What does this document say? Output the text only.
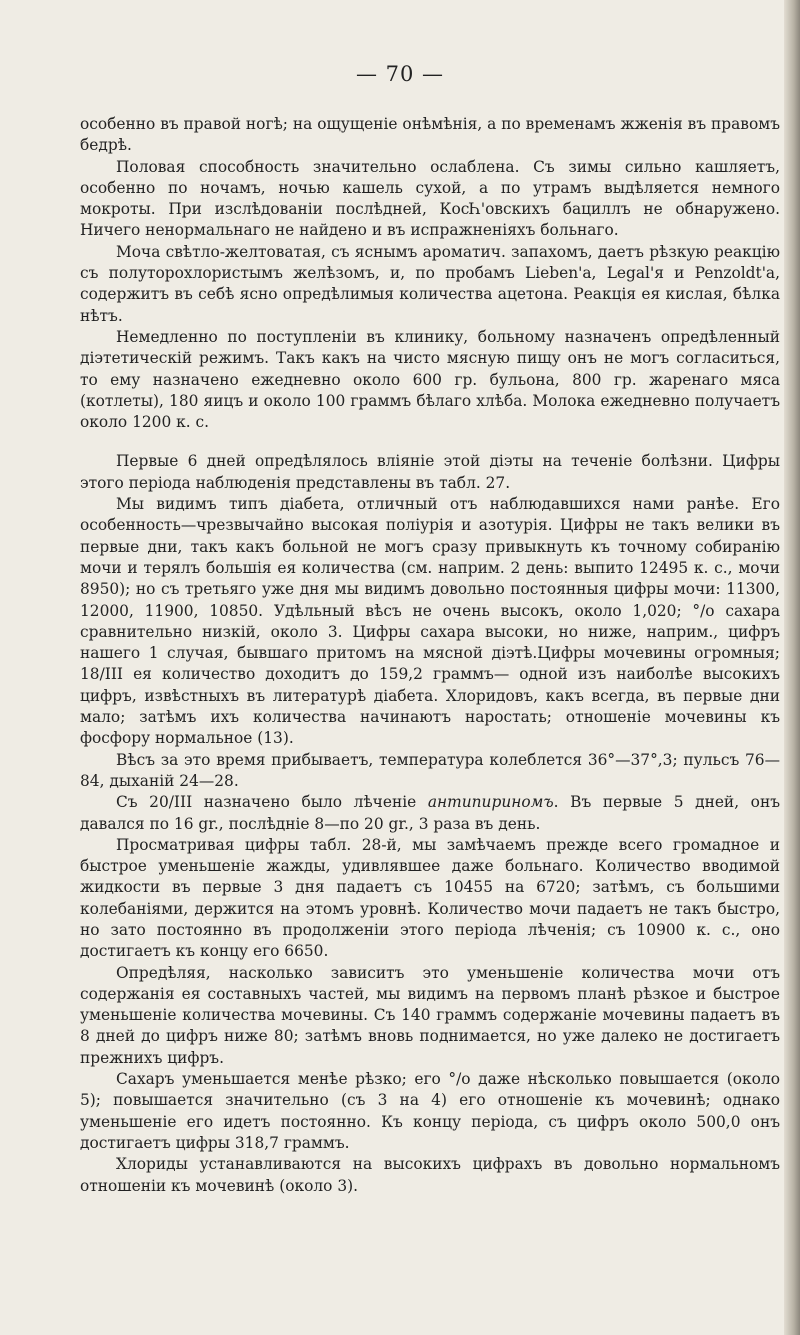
— 70 —

особенно въ правой ногѣ; на ощущеніе онѣмѣнія, а по временамъ жженія въ правомъ бедрѣ.

Половая способность значительно ослаблена. Съ зимы сильно кашляетъ, особенно по ночамъ, ночью кашель сухой, а по утрамъ выдѣляется немного мокроты. При изслѣдованіи послѣдней, КосҺ'овскихъ бациллъ не обнаружено. Ничего ненормальнаго не найдено и въ испражненіяхъ больнаго.

Моча свѣтло-желтоватая, съ яснымъ ароматич. запахомъ, даетъ рѣзкую реакцію съ полуторохлористымъ желѣзомъ, и, по пробамъ Lieben'а, Legal'я и Penzoldt'а, содержитъ въ себѣ ясно опредѣлимыя количества ацетона. Реакція ея кислая, бѣлка нѣтъ.

Немедленно по поступленіи въ клинику, больному назначенъ опредѣленный діэтетическій режимъ. Такъ какъ на чисто мясную пищу онъ не могъ согласиться, то ему назначено ежедневно около 600 гр. бульона, 800 гр. жаренаго мяса (котлеты), 180 яицъ и около 100 граммъ бѣлаго хлѣба. Молока ежедневно получаетъ около 1200 к. с.

Первые 6 дней опредѣлялось вліяніе этой діэты на теченіе болѣзни. Цифры этого періода наблюденія представлены въ табл. 27.

Мы видимъ типъ діабета, отличный отъ наблюдавшихся нами ранѣе. Его особенность—чрезвычайно высокая поліурія и азотурія. Цифры не такъ велики въ первые дни, такъ какъ больной не могъ сразу привыкнуть къ точному собиранію мочи и терялъ большія ея количества (см. наприм. 2 день: выпито 12495 к. с., мочи 8950); но съ третьяго уже дня мы видимъ довольно постоянныя цифры мочи: 11300, 12000, 11900, 10850. Удѣльный вѣсъ не очень высокъ, около 1,020; °/o сахара сравнительно низкій, около 3. Цифры сахара высоки, но ниже, наприм., цифръ нашего 1 случая, бывшаго притомъ на мясной діэтѣ.Цифры мочевины огромныя; 18/III ея количество доходитъ до 159,2 граммъ— одной изъ наиболѣе высокихъ цифръ, извѣстныхъ въ литературѣ діабета. Хлоридовъ, какъ всегда, въ первые дни мало; затѣмъ ихъ количества начинаютъ наростать; отношеніе мочевины къ фосфору нормальное (13).

Вѣсъ за это время прибываетъ, температура колеблется 36°—37°,3; пульсъ 76—84, дыханій 24—28.

Съ 20/III назначено было лѣченіе антипириномъ. Въ первые 5 дней, онъ давался по 16 gr., послѣдніе 8—по 20 gr., 3 раза въ день.

Просматривая цифры табл. 28-й, мы замѣчаемъ прежде всего громадное и быстрое уменьшеніе жажды, удивлявшее даже больнаго. Количество вводимой жидкости въ первые 3 дня падаетъ съ 10455 на 6720; затѣмъ, съ большими колебаніями, держится на этомъ уровнѣ. Количество мочи падаетъ не такъ быстро, но зато постоянно въ продолженіи этого періода лѣченія; съ 10900 к. с., оно достигаетъ къ концу его 6650.

Опредѣляя, насколько зависитъ это уменьшеніе количества мочи отъ содержанія ея составныхъ частей, мы видимъ на первомъ планѣ рѣзкое и быстрое уменьшеніе количества мочевины. Съ 140 граммъ содержаніе мочевины падаетъ въ 8 дней до цифръ ниже 80; затѣмъ вновь поднимается, но уже далеко не достигаетъ прежнихъ цифръ.

Сахаръ уменьшается менѣе рѣзко; его °/o даже нѣсколько повышается (около 5); повышается значительно (съ 3 на 4) его отношеніе къ мочевинѣ; однако уменьшеніе его идетъ постоянно. Къ концу періода, съ цифръ около 500,0 онъ достигаетъ цифры 318,7 граммъ.

Хлориды устанавливаются на высокихъ цифрахъ въ довольно нормальномъ отношеніи къ мочевинѣ (около 3).
